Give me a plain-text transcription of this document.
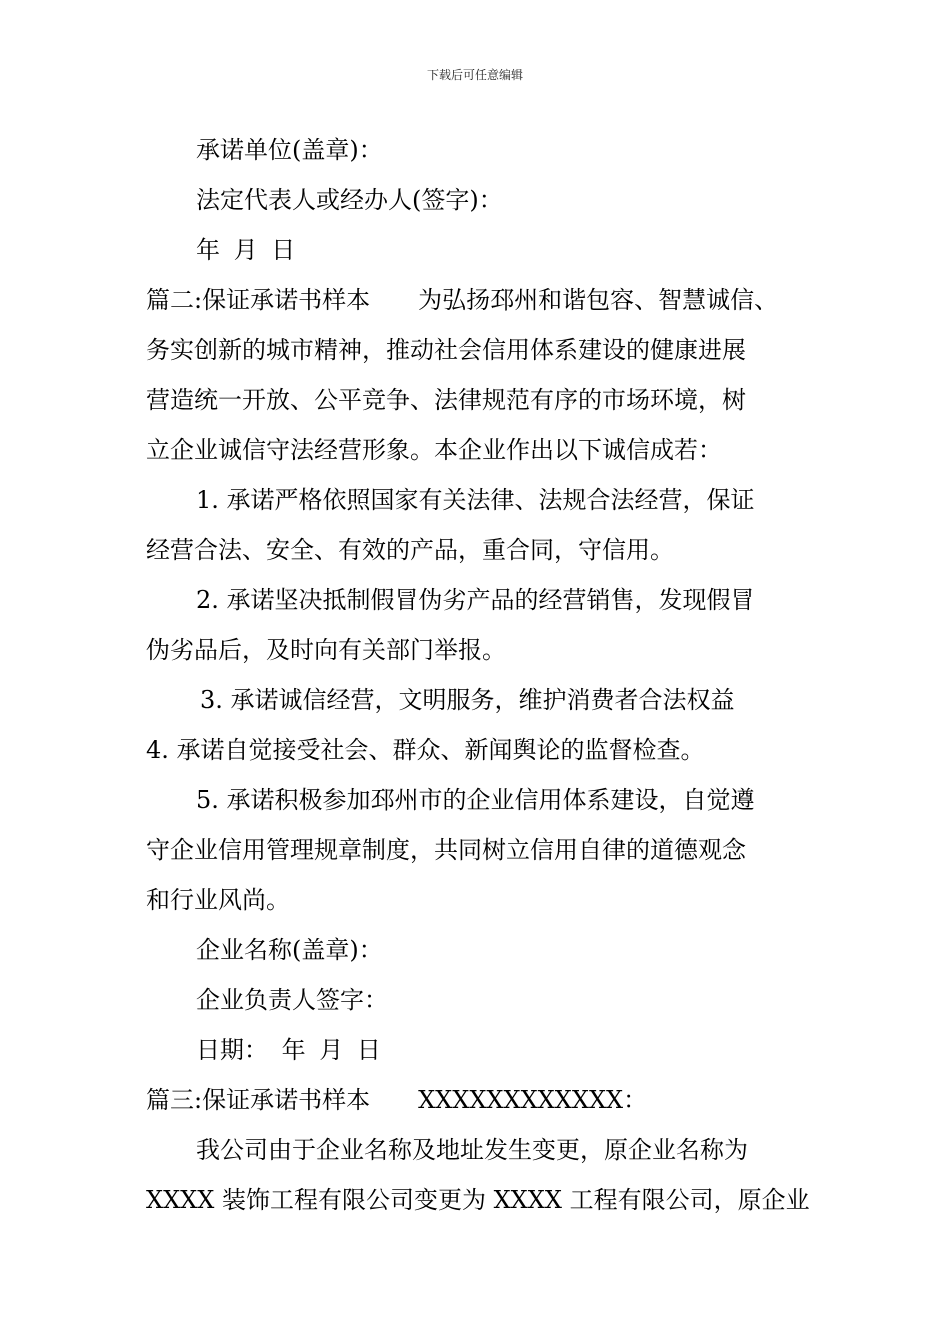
下载后可任意编辑
承诺单位(盖章)：
法定代表人或经办人(签字)：
年 月 日
篇二:保证承诺书样本　　为弘扬邳州和谐包容、智慧诚信、
务实创新的城市精神，推动社会信用体系建设的健康进展
营造统一开放、公平竞争、法律规范有序的市场环境，树
立企业诚信守法经营形象。本企业作出以下诚信成若：
1. 承诺严格依照国家有关法律、法规合法经营，保证
经营合法、安全、有效的产品，重合同，守信用。
2. 承诺坚决抵制假冒伪劣产品的经营销售，发现假冒
伪劣品后，及时向有关部门举报。
3. 承诺诚信经营，文明服务，维护消费者合法权益
4. 承诺自觉接受社会、群众、新闻舆论的监督检查。
5. 承诺积极参加邳州市的企业信用体系建设，自觉遵
守企业信用管理规章制度，共同树立信用自律的道德观念
和行业风尚。
企业名称(盖章)：
企业负责人签字：
日期： 年 月 日
篇三:保证承诺书样本　　XXXXXXXXXXXX：
我公司由于企业名称及地址发生变更，原企业名称为
XXXX 装饰工程有限公司变更为 XXXX 工程有限公司，原企业
